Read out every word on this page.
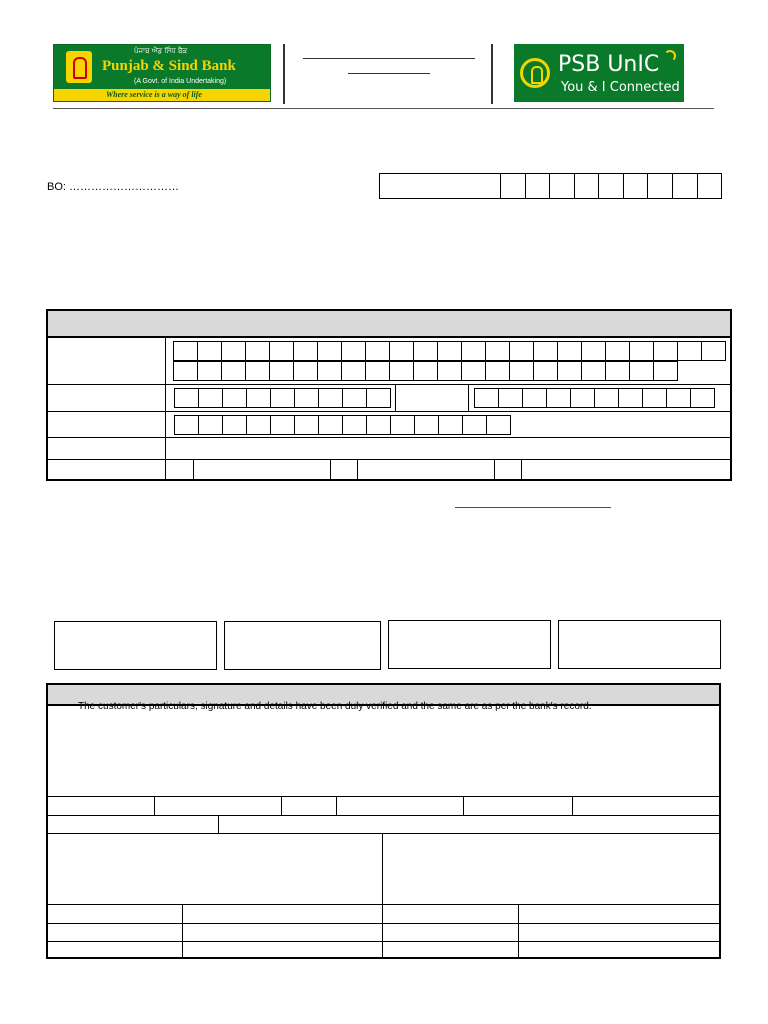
ਪੰਜਾਬ ਐਂਡ ਸਿੰਧ ਬੈਂਕ
Punjab & Sind Bank
(A Govt. of India Undertaking)
Where service is a way of life
PSB UnIC
You & I Connected
BO: …………………………
The customer's particulars, signature and details have been duly verified and the same are as per the bank's record.
